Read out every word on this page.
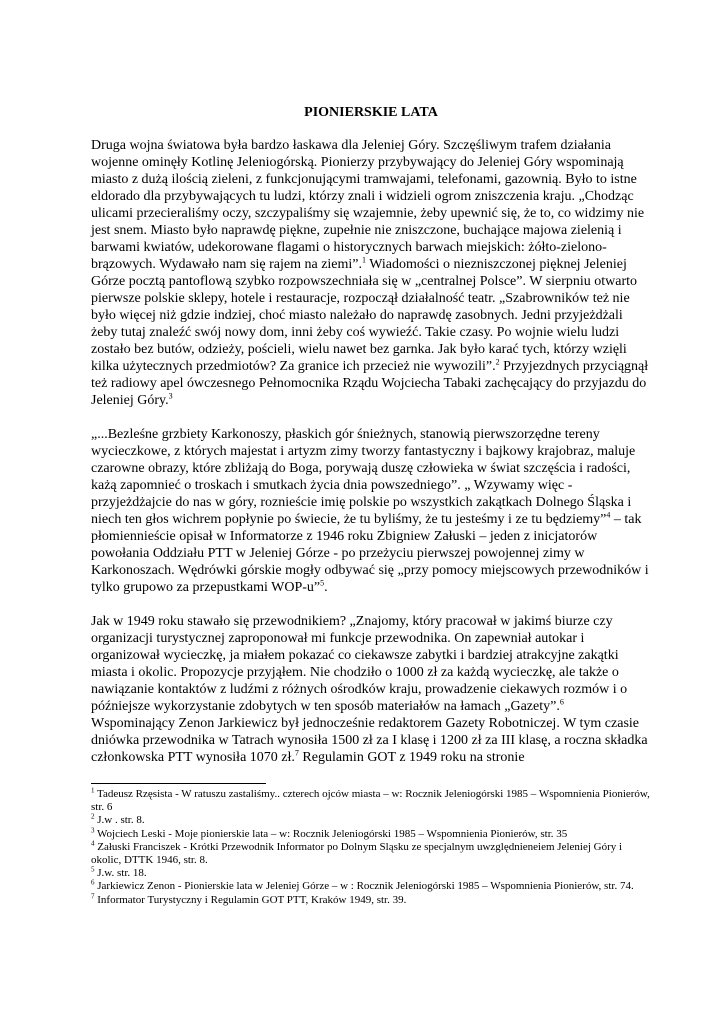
PIONIERSKIE LATA

Druga wojna światowa była bardzo łaskawa dla Jeleniej Góry. Szczęśliwym trafem działania wojenne ominęły Kotlinę Jeleniogórską. Pionierzy przybywający do Jeleniej Góry wspominają miasto z dużą ilością zieleni, z funkcjonującymi tramwajami, telefonami, gazownią. Było to istne eldorado dla przybywających tu ludzi, którzy znali i widzieli ogrom zniszczenia kraju. „Chodząc ulicami przecieraliśmy oczy, szczypaliśmy się wzajemnie, żeby upewnić się, że to, co widzimy nie jest snem. Miasto było naprawdę piękne, zupełnie nie zniszczone, buchające majowa zielenią i barwami kwiatów, udekorowane flagami o historycznych barwach miejskich: żółto-zielono-brązowych. Wydawało nam się rajem na ziemi”.$^1$ Wiadomości o niezniszczonej pięknej Jeleniej Górze pocztą pantoflową szybko rozpowszechniała się w „centralnej Polsce”. W sierpniu otwarto pierwsze polskie sklepy, hotele i restauracje, rozpoczął działalność teatr. „Szabrowników też nie było więcej niż gdzie indziej, choć miasto należało do naprawdę zasobnych. Jedni przyjeżdżali żeby tutaj znaleźć swój nowy dom, inni żeby coś wywieźć. Takie czasy. Po wojnie wielu ludzi zostało bez butów, odzieży, pościeli, wielu nawet bez garnka. Jak było karać tych, którzy wzięli kilka użytecznych przedmiotów? Za granice ich przecież nie wywozili”.$^2$ Przyjezdnych przyciągnął też radiowy apel ówczesnego Pełnomocnika Rządu Wojciecha Tabaki zachęcający do przyjazdu do Jeleniej Góry.$^3$

„...Bezleśne grzbiety Karkonoszy, płaskich gór śnieżnych, stanowią pierwszorzędne tereny wycieczkowe, z których majestat i artyzm zimy tworzy fantastyczny i bajkowy krajobraz, maluje czarowne obrazy, które zbliżają do Boga, porywają duszę człowieka w świat szczęścia i radości, każą zapomnieć o troskach i smutkach życia dnia powszedniego”. „ Wzywamy więc - przyjeżdżajcie do nas w góry, roznieście imię polskie po wszystkich zakątkach Dolnego Śląska i niech ten głos wichrem popłynie po świecie, że tu byliśmy, że tu jesteśmy i ze tu będziemy”$^4$ – tak płomiennieście opisał w Informatorze z 1946 roku Zbigniew Załuski – jeden z inicjatorów powołania Oddziału PTT w Jeleniej Górze - po przeżyciu pierwszej powojennej zimy w Karkonoszach. Wędrówki górskie mogły odbywać się „przy pomocy miejscowych przewodników i tylko grupowo za przepustkami WOP-u”$^5$.

Jak w 1949 roku stawało się przewodnikiem? „Znajomy, który pracował w jakimś biurze czy organizacji turystycznej zaproponował mi funkcje przewodnika. On zapewniał autokar i organizował wycieczkę, ja miałem pokazać co ciekawsze zabytki i bardziej atrakcyjne zakątki miasta i okolic. Propozycje przyjąłem. Nie chodziło o 1000 zł za każdą wycieczkę, ale także o nawiązanie kontaktów z ludźmi z różnych ośrodków kraju, prowadzenie ciekawych rozmów i o późniejsze wykorzystanie zdobytych w ten sposób materiałów na łamach „Gazety”.$^6$ Wspominający Zenon Jarkiewicz był jednocześnie redaktorem Gazety Robotniczej. W tym czasie dniówka przewodnika w Tatrach wynosiła 1500 zł za I klasę i 1200 zł za III klasę, a roczna składka członkowska PTT wynosiła 1070 zł.$^7$ Regulamin GOT z 1949 roku na stronie

$^1$ Tadeusz Rzęsista - W ratuszu zastaliśmy.. czterech ojców miasta – w: Rocznik Jeleniogórski 1985 – Wspomnienia Pionierów, str. 6

$^2$ J.w . str. 8.

$^3$ Wojciech Leski - Moje pionierskie lata – w: Rocznik Jeleniogórski 1985 – Wspomnienia Pionierów, str. 35

$^4$ Załuski Franciszek - Krótki Przewodnik Informator po Dolnym Sląsku ze specjalnym uwzględnieneiem Jeleniej Góry i okolic, DTTK 1946, str. 8.

$^5$ J.w. str. 18.

$^6$ Jarkiewicz Zenon - Pionierskie lata w Jeleniej Górze – w : Rocznik Jeleniogórski 1985 – Wspomnienia Pionierów, str. 74.

$^7$ Informator Turystyczny i Regulamin GOT PTT, Kraków 1949, str. 39.
